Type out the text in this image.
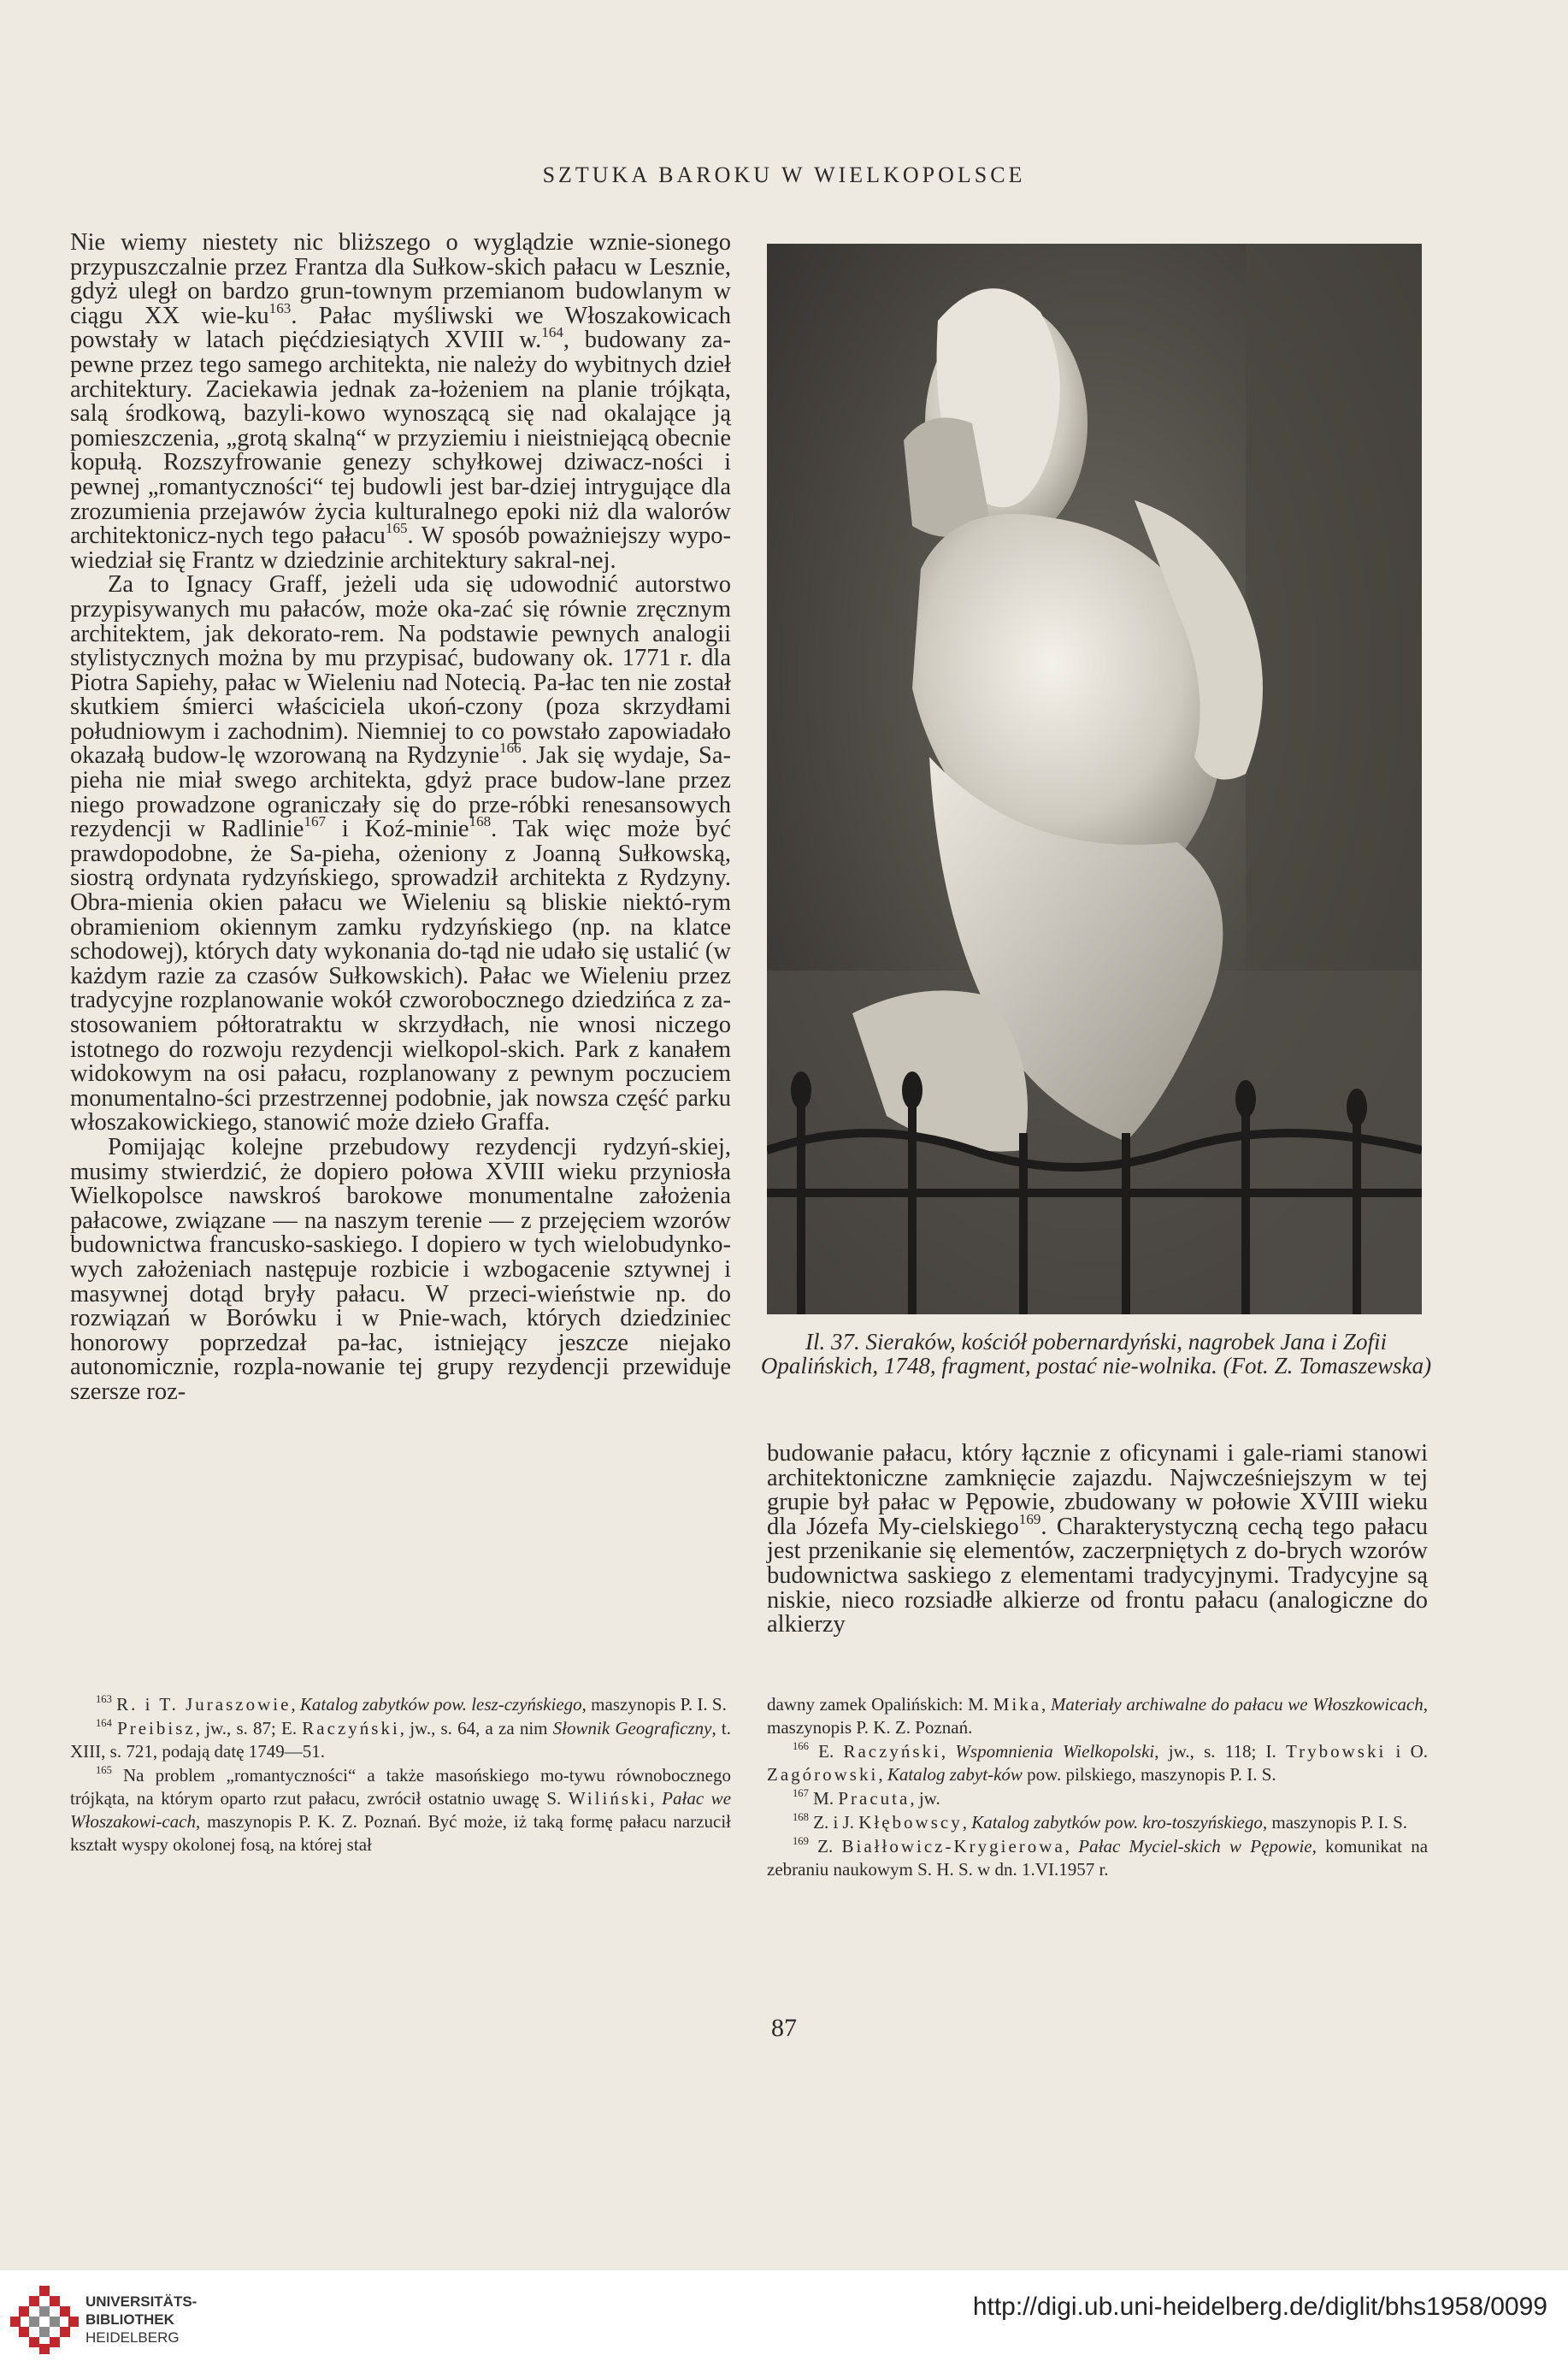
SZTUKA BAROKU W WIELKOPOLSCE

Nie wiemy niestety nic bliższego o wyglądzie wznie-sionego przypuszczalnie przez Frantza dla Sułkow-skich pałacu w Lesznie, gdyż uległ on bardzo grun-townym przemianom budowlanym w ciągu XX wie-$ku^{163}$. Pałac myśliwski we Włoszakowicach powstały w latach pięćdziesiątych XVIII w.$^{164}$, budowany za-pewne przez tego samego architekta, nie należy do wybitnych dzieł architektury. Zaciekawia jednak za-łożeniem na planie trójkąta, salą środkową, bazyli-kowo wynoszącą się nad okalające ją pomieszczenia, „grotą skalną“ w przyziemiu i nieistniejącą obecnie kopułą. Rozszyfrowanie genezy schyłkowej dziwacz-ności i pewnej „romantyczności“ tej budowli jest bar-dziej intrygujące dla zrozumienia przejawów życia kulturalnego epoki niż dla walorów architektonicz-nych tego pałacu$^{165}$. W sposób poważniejszy wypo-wiedział się Frantz w dziedzinie architektury sakral-nej.

Za to Ignacy Graff, jeżeli uda się udowodnić autorstwo przypisywanych mu pałaców, może oka-zać się równie zręcznym architektem, jak dekorato-rem. Na podstawie pewnych analogii stylistycznych można by mu przypisać, budowany ok. 1771 r. dla Piotra Sapiehy, pałac w Wieleniu nad Notecią. Pa-łac ten nie został skutkiem śmierci właściciela ukoń-czony (poza skrzydłami południowym i zachodnim). Niemniej to co powstało zapowiadało okazałą budow-lę wzorowaną na Rydzynie$^{166}$. Jak się wydaje, Sa-pieha nie miał swego architekta, gdyż prace budow-lane przez niego prowadzone ograniczały się do prze-róbki renesansowych rezydencji w Radlinie$^{167}$ i Koź-minie$^{168}$. Tak więc może być prawdopodobne, że Sa-pieha, ożeniony z Joanną Sułkowską, siostrą ordynata rydzyńskiego, sprowadził architekta z Rydzyny. Obra-mienia okien pałacu we Wieleniu są bliskie niektó-rym obramieniom okiennym zamku rydzyńskiego (np. na klatce schodowej), których daty wykonania do-tąd nie udało się ustalić (w każdym razie za czasów Sułkowskich). Pałac we Wieleniu przez tradycyjne rozplanowanie wokół czworobocznego dziedzińca z za-stosowaniem półtoratraktu w skrzydłach, nie wnosi niczego istotnego do rozwoju rezydencji wielkopol-skich. Park z kanałem widokowym na osi pałacu, rozplanowany z pewnym poczuciem monumentalno-ści przestrzennej podobnie, jak nowsza część parku włoszakowickiego, stanowić może dzieło Graffa.

Pomijając kolejne przebudowy rezydencji rydzyń-skiej, musimy stwierdzić, że dopiero połowa XVIII wieku przyniosła Wielkopolsce nawskroś barokowe monumentalne założenia pałacowe, związane — na naszym terenie — z przejęciem wzorów budownictwa francusko-saskiego. I dopiero w tych wielobudynko-wych założeniach następuje rozbicie i wzbogacenie sztywnej i masywnej dotąd bryły pałacu. W przeci-wieństwie np. do rozwiązań w Borówku i w Pnie-wach, których dziedziniec honorowy poprzedzał pa-łac, istniejący jeszcze niejako autonomicznie, rozpla-nowanie tej grupy rezydencji przewiduje szersze roz-

Il. 37. Sieraków, kościół pobernardyński, nagrobek Jana i Zofii Opalińskich, 1748, fragment, postać nie-wolnika. (Fot. Z. Tomaszewska)

budowanie pałacu, który łącznie z oficynami i gale-riami stanowi architektoniczne zamknięcie zajazdu. Najwcześniejszym w tej grupie był pałac w Pępowie, zbudowany w połowie XVIII wieku dla Józefa My-cielskiego$^{169}$. Charakterystyczną cechą tego pałacu jest przenikanie się elementów, zaczerpniętych z do-brych wzorów budownictwa saskiego z elementami tradycyjnymi. Tradycyjne są niskie, nieco rozsiadłe alkierze od frontu pałacu (analogiczne do alkierzy

$^{163}$ R. i T. Juraszowie, Katalog zabytków pow. lesz-czyńskiego, maszynopis P. I. S.

$^{164}$ Preibisz, jw., s. 87; E. Raczyński, jw., s. 64, a za nim Słownik Geograficzny, t. XIII, s. 721, podają datę 1749—51.

$^{165}$ Na problem „romantyczności“ a także masońskiego mo-tywu równobocznego trójkąta, na którym oparto rzut pałacu, zwrócił ostatnio uwagę S. Wiliński, Pałac we Włoszakowi-cach, maszynopis P. K. Z. Poznań. Być może, iż taką formę pałacu narzucił kształt wyspy okolonej fosą, na której stał

dawny zamek Opalińskich: M. Mika, Materiały archiwalne do pałacu we Włoszkowicach, maszynopis P. K. Z. Poznań.

$^{166}$ E. Raczyński, Wspomnienia Wielkopolski, jw., s. 118; I. Trybowski i O. Zagórowski, Katalog zabyt-ków pow. pilskiego, maszynopis P. I. S.

$^{167}$ M. Pracuta, jw.

$^{168}$ Z. i J. Kłębowscy, Katalog zabytków pow. kro-toszyńskiego, maszynopis P. I. S.

$^{169}$ Z. Białłowicz-Krygierowa, Pałac Myciel-skich w Pępowie, komunikat na zebraniu naukowym S. H. S. w dn. 1.VI.1957 r.

87
UNIVERSITÄTS-
BIBLIOTHEK
HEIDELBERG
http://digi.ub.uni-heidelberg.de/diglit/bhs1958/0099
